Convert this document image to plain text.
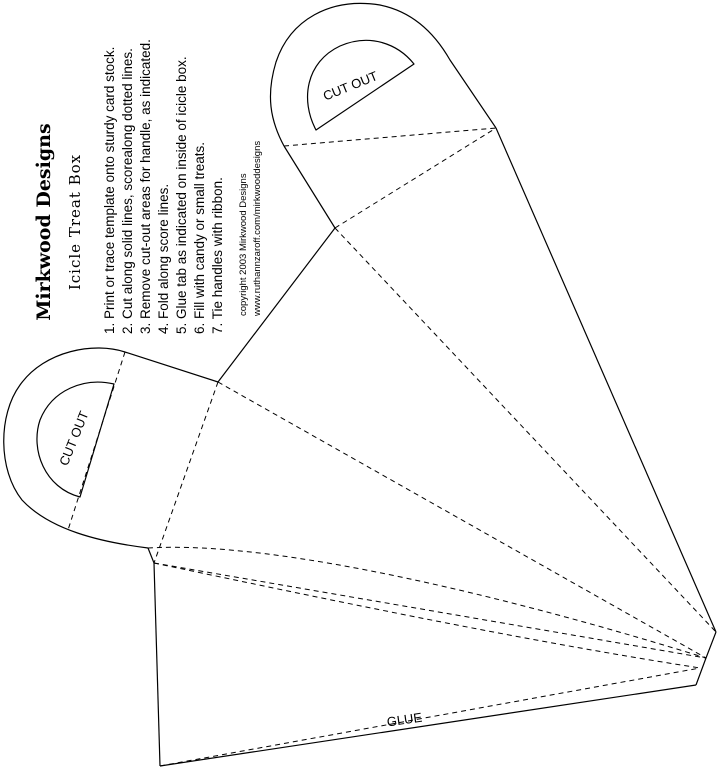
CUT OUT
CUT OUT
GLUE
Mirkwood Designs Icicle Treat Box 1. Print or trace template onto sturdy card stock. 2. Cut along solid lines, scorealong dotted lines. 3. Remove cut-out areas for handle, as indicated. 4. Fold along score lines. 5. Glue tab as indicated on inside of icicle box. 6. Fill with candy or small treats. 7. Tie handles with ribbon. copyright 2003 Mirkwood Designs www.ruthannzaroff.com/mirkwooddesigns
